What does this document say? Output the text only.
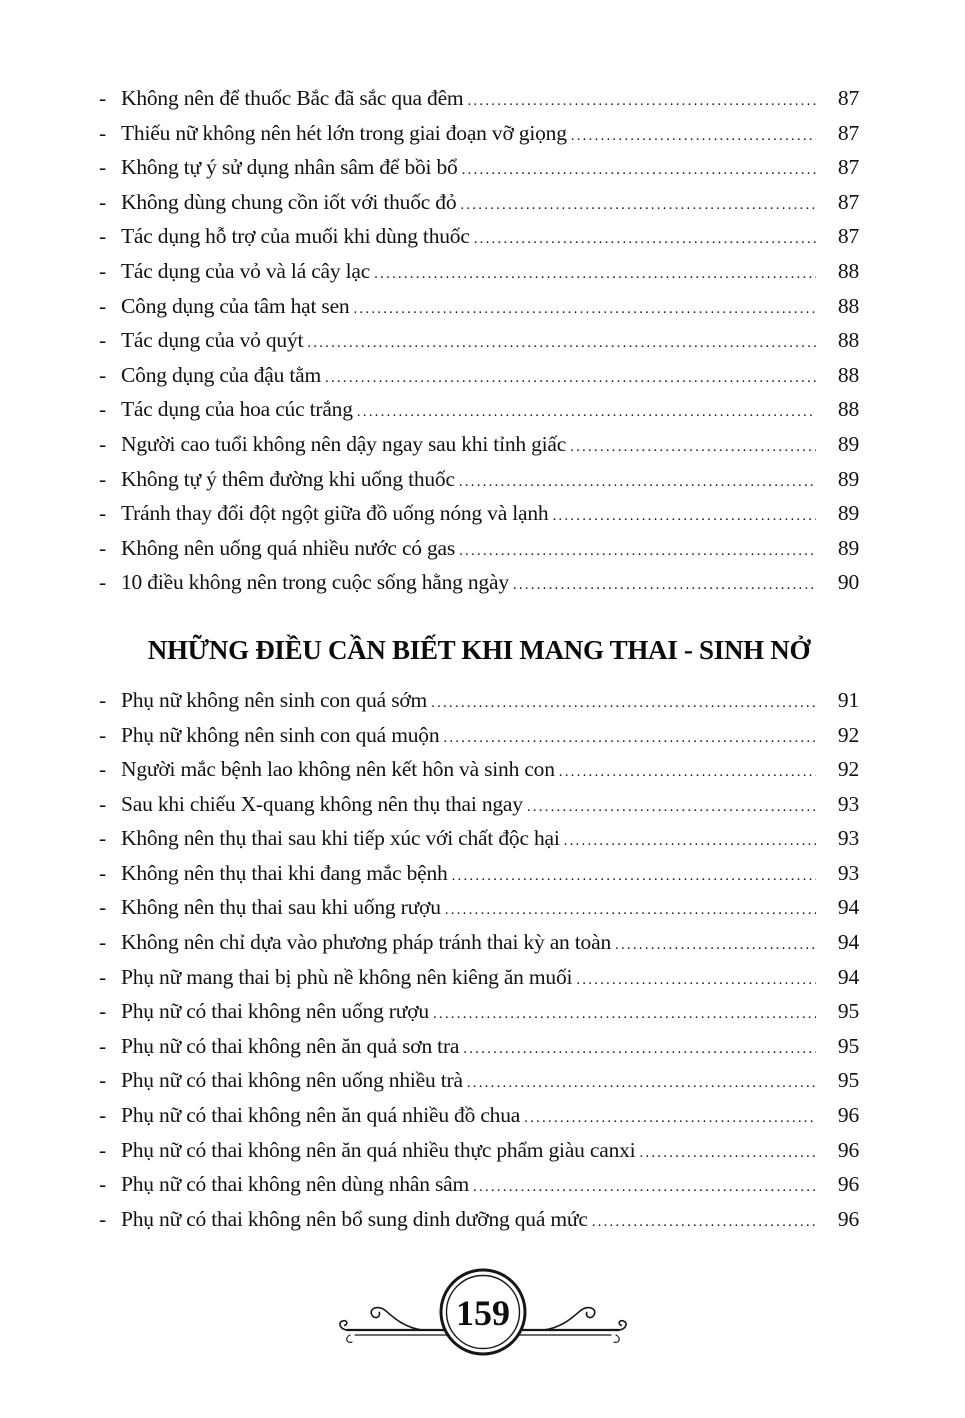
- Không nên để thuốc Bắc đã sắc qua đêm .....	87
- Thiếu nữ không nên hét lớn trong giai đoạn vỡ giọng .....	87
- Không tự ý sử dụng nhân sâm để bồi bổ .....	87
- Không dùng chung cồn iốt với thuốc đỏ .....	87
- Tác dụng hỗ trợ của muối khi dùng thuốc .....	87
- Tác dụng của vỏ và lá cây lạc .....	88
- Công dụng của tâm hạt sen .....	88
- Tác dụng của vỏ quýt .....	88
- Công dụng của đậu tằm .....	88
- Tác dụng của hoa cúc trắng .....	88
- Người cao tuổi không nên dậy ngay sau khi tỉnh giấc .....	89
- Không tự ý thêm đường khi uống thuốc .....	89
- Tránh thay đổi đột ngột giữa đồ uống nóng và lạnh .....	89
- Không nên uống quá nhiều nước có gas .....	89
- 10 điều không nên trong cuộc sống hằng ngày .....	90
NHỮNG ĐIỀU CẦN BIẾT KHI MANG THAI - SINH NỞ
- Phụ nữ không nên sinh con quá sớm .....	91
- Phụ nữ không nên sinh con quá muộn .....	92
- Người mắc bệnh lao không nên kết hôn và sinh con .....	92
- Sau khi chiếu X-quang không nên thụ thai ngay .....	93
- Không nên thụ thai sau khi tiếp xúc với chất độc hại .....	93
- Không nên thụ thai khi đang mắc bệnh .....	93
- Không nên thụ thai sau khi uống rượu .....	94
- Không nên chỉ dựa vào phương pháp tránh thai kỳ an toàn .....	94
- Phụ nữ mang thai bị phù nề không nên kiêng ăn muối .....	94
- Phụ nữ có thai không nên uống rượu .....	95
- Phụ nữ có thai không nên ăn quả sơn tra .....	95
- Phụ nữ có thai không nên uống nhiều trà .....	95
- Phụ nữ có thai không nên ăn quá nhiều đồ chua .....	96
- Phụ nữ có thai không nên ăn quá nhiều thực phẩm giàu canxi .....	96
- Phụ nữ có thai không nên dùng nhân sâm .....	96
- Phụ nữ có thai không nên bổ sung dinh dưỡng quá mức .....	96
159
